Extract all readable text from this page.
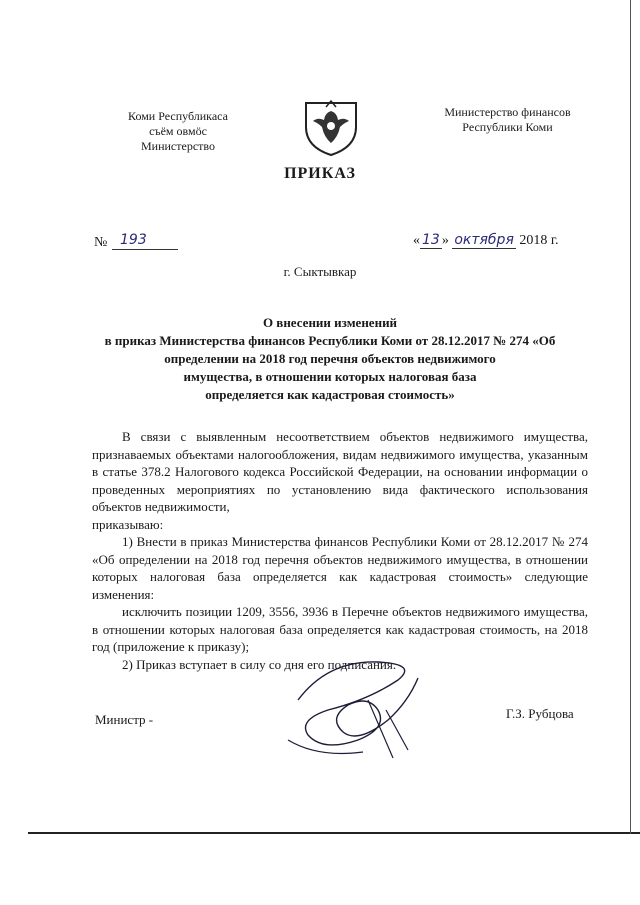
Коми Республикаса
съём овмӧс
Министерство
Министерство финансов
Республики Коми
ПРИКАЗ
№ 193	« 13 » октября 2018 г.
г. Сыктывкар
О внесении изменений
в приказ Министерства финансов Республики Коми от 28.12.2017 № 274 «Об
определении на 2018 год перечня объектов недвижимого
имущества, в отношении которых налоговая база
определяется как кадастровая стоимость»

В связи с выявленным несоответствием объектов недвижимого имущества, признаваемых объектами налогообложения, видам недвижимого имущества, указанным в статье 378.2 Налогового кодекса Российской Федерации, на основании информации о проведенных мероприятиях по установлению вида фактического использования объектов недвижимости,

приказываю:

1) Внести в приказ Министерства финансов Республики Коми от 28.12.2017 № 274 «Об определении на 2018 год перечня объектов недвижимого имущества, в отношении которых налоговая база определяется как кадастровая стоимость» следующие изменения:

исключить позиции 1209, 3556, 3936 в Перечне объектов недвижимого имущества, в отношении которых налоговая база определяется как кадастровая стоимость, на 2018 год (приложение к приказу);

2) Приказ вступает в силу со дня его подписания.

Министр -	Г.З. Рубцова
